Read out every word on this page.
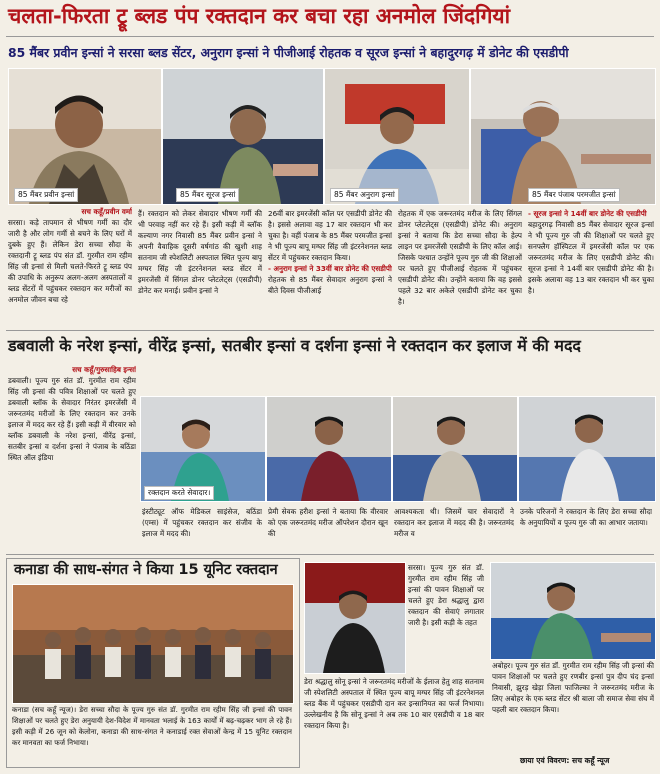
चलता-फिरता ट्रू ब्लड पंप रक्तदान कर बचा रहा अनमोल जिंदगियां
85 मैंबर प्रवीन इन्सां ने सरसा ब्लड सेंटर, अनुराग इन्सां ने पीजीआई रोहतक व सूरज इन्सां ने बहादुरगढ़ में डोनेट की एसडीपी
85 मैंबर प्रवीन इन्सां	85 मैंबर सूरज इन्सां	85 मैंबर अनुराग इन्सां	85 मैंबर पंजाब परमजीत इन्सां
सच कहूँ/प्रवीन वर्मा
सरसा। कड़े तापमान से भीषण गर्मी का दौर जारी है और लोग गर्मी से बचने के लिए घरों में दुबके हुए हैं। लेकिन डेरा सच्चा सौदा के रक्तदानी ट्रू ब्लड पंप संत डॉ. गुरमीत राम रहीम सिंह जी इन्सां से मिली चलते-फिरते ट्रू ब्लड पंप की उपाधि के अनुरूप अलग-अलग अस्पतालों व ब्लड सेंटरों में पहुंचकर रक्तदान कर मरीजों का अनमोल जीवन बचा रहे
हैं। रक्तदान को लेकर सेवादार भीषण गर्मी की भी परवाह नहीं कर रहे हैं। इसी कड़ी में ब्लॉक कल्याण नगर निवासी 85 मैंबर प्रवीन इन्सां ने अपनी वैवाहिक दूसरी वर्षगांठ की खुशी शाह सतनाम जी स्पेशलिटी अस्पताल स्थित पूज्य बापू मग्घर सिंह जी इंटरनेशनल ब्लड सेंटर में इमरजेंसी में सिंगल डोनर प्लेटलेट्स (एसडीपी) डोनेट कर मनाई। प्रवीन इन्सां ने
26वीं बार इमरजेंसी कॉल पर एसडीपी डोनेट की है। इससे अलावा वह 17 बार रक्तदान भी कर चुका है। वहीं पंजाब के 85 मैंबर परमजीत इन्सां ने भी पूज्य बापू मग्घर सिंह जी इंटरनेशनल ब्लड सेंटर में पहुंचकर रक्तदान किया।

- अनुराग इन्सां ने 33वीं बार डोनेट की एसडीपी
रोहतक से 85 मैंबर सेवादार अनुराग इन्सां ने बीते दिवस पीजीआई
रोहतक में एक जरूरतमंद मरीज के लिए सिंगल डोनर प्लेटलेट्स (एसडीपी) डोनेट की। अनुराग इन्सां ने बताया कि डेरा सच्चा सौदा के हेल्प लाइन पर इमरजेंसी एसडीपी के लिए कॉल आई। जिसके पश्चात उन्होंने पूज्य गुरु जी की शिक्षाओं पर चलते हुए पीजीआई रोहतक में पहुंचकर एसडीपी डोनेट की। उन्होंने बताया कि वह इससे पहले 32 बार अकेले एसडीपी डोनेट कर चुका है।
- सूरज इन्सां ने 14वीं बार डोनेट की एसडीपी
बहादुरगढ़ निवासी 85 मैंबर सेवादार सूरज इन्सां ने भी पूज्य गुरु जी की शिक्षाओं पर चलते हुए सनफ्लैग हॉस्पिटल में इमरजेंसी कॉल पर एक जरूरतमंद मरीज के लिए एसडीपी डोनेट की। सूरज इन्सां ने 14वीं बार एसडीपी डोनेट की है। इसके अलावा वह 13 बार रक्तदान भी कर चुका है।
डबवाली के नरेश इन्सां, वीरेंद्र इन्सां, सतबीर इन्सां व दर्शना इन्सां ने रक्तदान कर इलाज में की मदद
सच कहूँ/गुरुसाहिब इन्सां
डबवाली। पूज्य गुरु संत डॉ. गुरमीत राम रहीम सिंह जी इन्सां की पवित्र शिक्षाओं पर चलते हुए डबवाली ब्लॉक के सेवादार निरंतर इमरजेंसी में जरूरतमंद मरीजों के लिए रक्तदान कर उनके इलाज में मदद कर रहे हैं। इसी कड़ी में वीरवार को ब्लॉक डबवाली के नरेश इन्सां, वीरेंद्र इन्सां, सतबीर इन्सां व दर्शना इन्सां ने पंजाब के बठिंडा स्थित ऑल इंडिया
रक्तदान करते सेवादार।
इंस्टीट्यूट ऑफ मेडिकल साइंसेज, बठिंडा (एम्स) में पहुंचकर रक्तदान कर संजीव के इलाज में मदद की।
प्रेमी सेवक हरीश इन्सां ने बताया कि वीरवार को एक जरूरतमंद मरीज ऑपरेशन दौरान खून की
आवश्यकता थी। जिसमें चार सेवादारों ने रक्तदान कर इलाज में मदद की है। जरूरतमंद मरीज व
उनके परिजनों ने रक्तदान के लिए डेरा सच्चा सौदा के अनुयायियों व पूज्य गुरु जी का आभार जताया।
कनाडा की साध-संगत ने किया 15 यूनिट रक्तदान
कनाडा (सच कहूँ न्यूज)। डेरा सच्चा सौदा के पूज्य गुरु संत डॉ. गुरमीत राम रहीम सिंह जी इन्सां की पावन शिक्षाओं पर चलते हुए डेरा अनुयायी देश-विदेश में मानवता भलाई के 163 कार्यों में बढ़-चढ़कर भाग ले रहे हैं। इसी कड़ी में 26 जून को केलोना, कनाडा की साध-संगत ने कनाडाई रक्त सेवाओं केन्द्र में 15 यूनिट रक्तदान कर मानवता का फर्ज निभाया।
सरसा। पूज्य गुरु संत डॉ. गुरमीत राम रहीम सिंह जी इन्सां की पावन शिक्षाओं पर चलते हुए डेरा श्रद्धालु द्वारा रक्तदान की सेवाएं लगातार जारी है। इसी कड़ी के तहत
डेरा श्रद्धालु सोनू इन्सां ने जरूरतमंद मरीजों के ईलाज हेतु शाह सतनाम जी स्पेशलिटी अस्पताल में स्थित पूज्य बापू मग्घर सिंह जी इंटरनेशनल ब्लड बैंक में पहुंचकर एसडीपी दान कर इन्सानियत का फर्ज निभाया। उल्लेखनीय है कि सोनू इन्सां ने अब तक 10 बार एसडीपी व 18 बार रक्तदान किया है।
अबोहर। पूज्य गुरु संत डॉ. गुरमीत राम रहीम सिंह जी इन्सां की पावन शिक्षाओं पर चलते हुए रणबीर इन्सां पुत्र दीप चंद इन्सां निवासी, झुरड़ खेड़ा जिला फाजिल्का ने जरूरतमंद मरीज के लिए अबोहर के एक ब्लड सेंटर श्री बाला जी समाज सेवा संघ में पहली बार रक्तदान किया।
छाया एवं विवरण: सच कहूँ न्यूज
